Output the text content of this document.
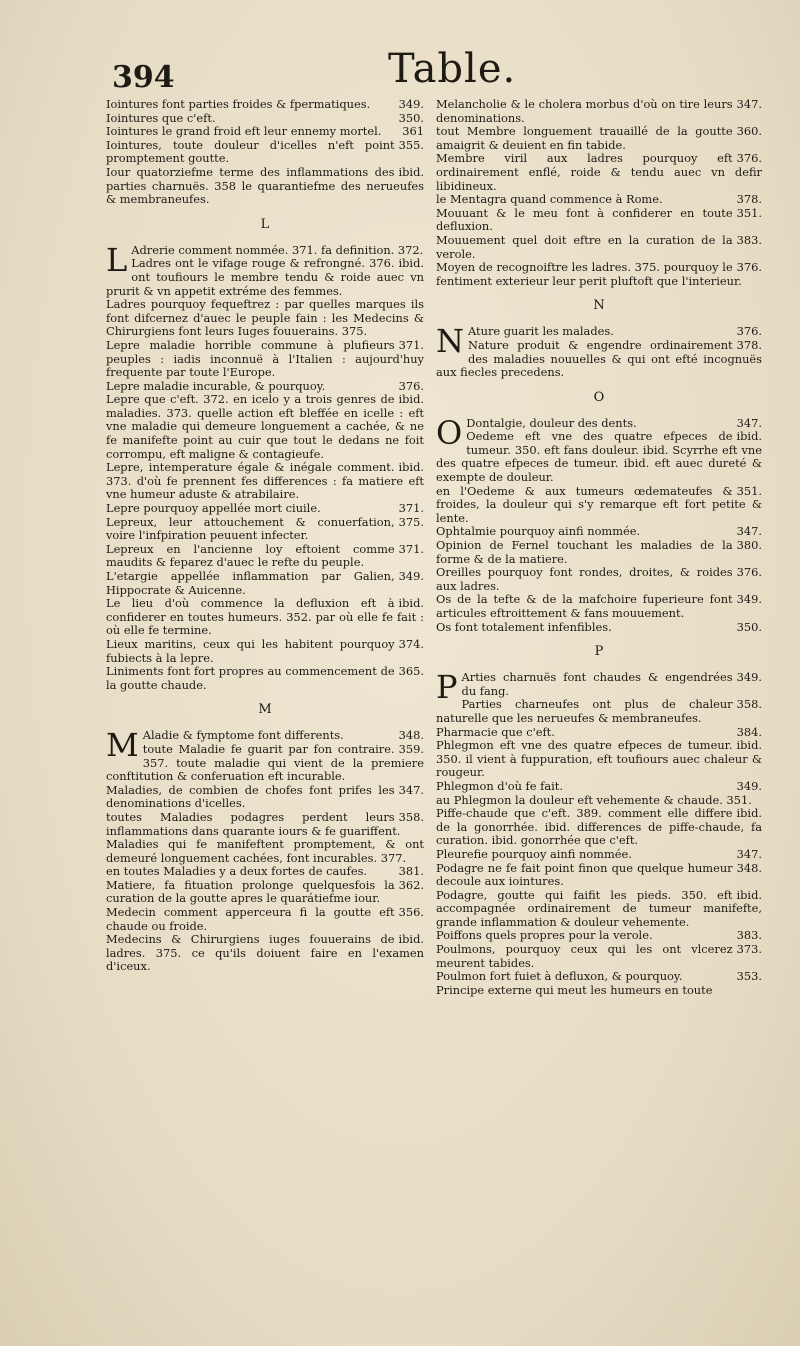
394	Table.

349.
Iointures font parties froides & fpermatiques.

350.
Iointures que c'eft.

361
Iointures le grand froid eft leur ennemy mortel.

355.
Iointures, toute douleur d'icelles n'eft point promptement goutte.

ibid.
Iour quatorziefme terme des inflammations des parties charnuës. 358 le quarantiefme des nerueufes & membraneufes.

L

LAdrerie comment nommée. 371. fa definition. 372.

ibid.
Ladres ont le vifage rouge & refrongné. 376. ont toufiours le membre tendu & roide auec vn prurit & vn appetit extréme des femmes.

Ladres pourquoy fequeftrez : par quelles marques ils font difcernez d'auec le peuple fain : les Medecins & Chirurgiens font leurs Iuges fouuerains. 375.

371.
Lepre maladie horrible commune à plufieurs peuples : iadis inconnuë à l'Italien : aujourd'huy frequente par toute l'Europe.

376.
Lepre maladie incurable, & pourquoy.

ibid.
Lepre que c'eft. 372. en icelo y a trois genres de maladies. 373. quelle action eft bleffée en icelle : eft vne maladie qui demeure longuement a cachée, & ne fe manifefte point au cuir que tout le dedans ne foit corrompu, eft maligne & contagieufe.

ibid.
Lepre, intemperature égale & inégale comment. 373. d'où fe prennent fes differences : fa matiere eft vne humeur aduste & atrabilaire.

371.
Lepre pourquoy appellée mort ciuile.

375.
Lepreux, leur attouchement & conuerfation, voire l'infpiration peuuent infecter.

371.
Lepreux en l'ancienne loy eftoient comme maudits & feparez d'auec le refte du peuple.

349.
L'etargie appellée inflammation par Galien, Hippocrate & Auicenne.

ibid.
Le lieu d'où commence la defluxion eft à confiderer en toutes humeurs. 352. par où elle fe fait : où elle fe termine.

374.
Lieux maritins, ceux qui les habitent pourquoy fubiects à la lepre.

365.
Liniments font fort propres au commencement de la goutte chaude.

M

348.
MAladie & fymptome font differents.

359.
toute Maladie fe guarit par fon contraire. 357. toute maladie qui vient de la premiere conftitution & conferuation eft incurable.

347.
Maladies, de combien de chofes font prifes les denominations d'icelles.

358.
toutes Maladies podagres perdent leurs inflammations dans quarante iours & fe guariffent.

Maladies qui fe manifeftent promptement, & ont demeuré longuement cachées, font incurables. 377.

381.
en toutes Maladies y a deux fortes de caufes.

362.
Matiere, fa fituation prolonge quelquesfois la curation de la goutte apres le quarátiefme iour.

356.
Medecin comment apperceura fi la goutte eft chaude ou froide.

ibid.
Medecins & Chirurgiens iuges fouuerains de ladres. 375. ce qu'ils doiuent faire en l'examen d'iceux.

347.
Melancholie & le cholera morbus d'où on tire leurs denominations.

360.
tout Membre longuement trauaillé de la goutte amaigrit & deuient en fin tabide.

376.
Membre viril aux ladres pourquoy eft ordinairement enflé, roide & tendu auec vn defir libidineux.

378.
le Mentagra quand commence à Rome.

351.
Mouuant & le meu font à confiderer en toute defluxion.

383.
Mouuement quel doit eftre en la curation de la verole.

376.
Moyen de recognoiftre les ladres. 375. pourquoy le fentiment exterieur leur perit pluftoft que l'interieur.

N

376.
NAture guarit les malades.

378.
Nature produit & engendre ordinairement des maladies nouuelles & qui ont efté incognuës aux fiecles precedens.

O

347.
ODontalgie, douleur des dents.

ibid.
Oedeme eft vne des quatre efpeces de tumeur. 350. eft fans douleur. ibid. Scyrrhe eft vne des quatre efpeces de tumeur. ibid. eft auec dureté & exempte de douleur.

351.
en l'Oedeme & aux tumeurs œdemateufes & froides, la douleur qui s'y remarque eft fort petite & lente.

347.
Ophtalmie pourquoy ainfi nommée.

380.
Opinion de Fernel touchant les maladies de la forme & de la matiere.

376.
Oreilles pourquoy font rondes, droites, & roides aux ladres.

349.
Os de la tefte & de la mafchoire fuperieure font articules eftroittement & fans mouuement.

350.
Os font totalement infenfibles.

P

349.
PArties charnuës font chaudes & engendrées du fang.

358.
Parties charneufes ont plus de chaleur naturelle que les nerueufes & membraneufes.

384.
Pharmacie que c'eft.

ibid.
Phlegmon eft vne des quatre efpeces de tumeur. 350. il vient à fuppuration, eft toufiours auec chaleur & rougeur.

349.
Phlegmon d'où fe fait.

au Phlegmon la douleur eft vehemente & chaude. 351.

ibid.
Piffe-chaude que c'eft. 389. comment elle differe de la gonorrhée. ibid. differences de piffe-chaude, fa curation. ibid. gonorrhée que c'eft.

347.
Pleurefie pourquoy ainfi nommée.

348.
Podagre ne fe fait point finon que quelque humeur decoule aux iointures.

ibid.
Podagre, goutte qui faifit les pieds. 350. eft accompagnée ordinairement de tumeur manifefte, grande inflammation & douleur vehemente.

383.
Poiffons quels propres pour la verole.

373.
Poulmons, pourquoy ceux qui les ont vlcerez meurent tabides.

353.
Poulmon fort fuiet à defluxon, & pourquoy.

Principe externe qui meut les humeurs en toute
